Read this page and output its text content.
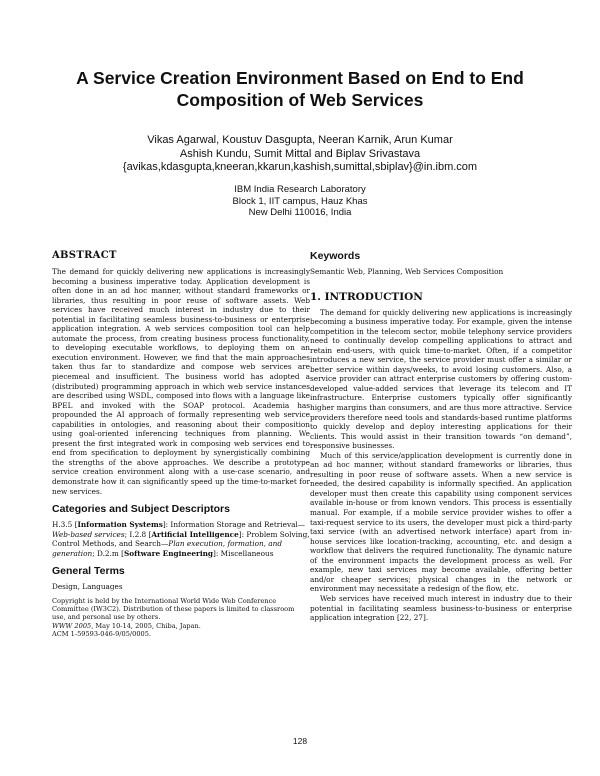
A Service Creation Environment Based on End to End Composition of Web Services
Vikas Agarwal, Koustuv Dasgupta, Neeran Karnik, Arun Kumar
Ashish Kundu, Sumit Mittal and Biplav Srivastava
{avikas,kdasgupta,kneeran,kkarun,kashish,sumittal,sbiplav}@in.ibm.com
IBM India Research Laboratory
Block 1, IIT campus, Hauz Khas
New Delhi 110016, India
ABSTRACT

The demand for quickly delivering new applications is increasingly becoming a business imperative today. Application development is often done in an ad hoc manner, without standard frameworks or libraries, thus resulting in poor reuse of software assets. Web services have received much interest in industry due to their potential in facilitating seamless business-to-business or enterprise application integration. A web services composition tool can help automate the process, from creating business process functionality, to developing executable workflows, to deploying them on an execution environment. However, we find that the main approaches taken thus far to standardize and compose web services are piecemeal and insufficient. The business world has adopted a (distributed) programming approach in which web service instances are described using WSDL, composed into flows with a language like BPEL and invoked with the SOAP protocol. Academia has propounded the AI approach of formally representing web service capabilities in ontologies, and reasoning about their composition using goal-oriented inferencing techniques from planning. We present the first integrated work in composing web services end to end from specification to deployment by synergistically combining the strengths of the above approaches. We describe a prototype service creation environment along with a use-case scenario, and demonstrate how it can significantly speed up the time-to-market for new services.

Categories and Subject Descriptors

H.3.5 [Information Systems]: Information Storage and Retrieval—Web-based services; I.2.8 [Artificial Intelligence]: Problem Solving, Control Methods, and Search—Plan execution, formation, and generation; D.2.m [Software Engineering]: Miscellaneous

General Terms

Design, Languages

Copyright is held by the International World Wide Web Conference Committee (IW3C2). Distribution of these papers is limited to classroom use, and personal use by others.
WWW 2005, May 10-14, 2005, Chiba, Japan.
ACM 1-59593-046-9/05/0005.
Keywords

Semantic Web, Planning, Web Services Composition

1. INTRODUCTION

The demand for quickly delivering new applications is increasingly becoming a business imperative today. For example, given the intense competition in the telecom sector, mobile telephony service providers need to continually develop compelling applications to attract and retain end-users, with quick time-to-market. Often, if a competitor introduces a new service, the service provider must offer a similar or better service within days/weeks, to avoid losing customers. Also, a service provider can attract enterprise customers by offering custom-developed value-added services that leverage its telecom and IT infrastructure. Enterprise customers typically offer significantly higher margins than consumers, and are thus more attractive. Service providers therefore need tools and standards-based runtime platforms to quickly develop and deploy interesting applications for their clients. This would assist in their transition towards “on demand”, responsive businesses.

Much of this service/application development is currently done in an ad hoc manner, without standard frameworks or libraries, thus resulting in poor reuse of software assets. When a new service is needed, the desired capability is informally specified. An application developer must then create this capability using component services available in-house or from known vendors. This process is essentially manual. For example, if a mobile service provider wishes to offer a taxi-request service to its users, the developer must pick a third-party taxi service (with an advertised network interface) apart from in-house services like location-tracking, accounting, etc. and design a workflow that delivers the required functionality. The dynamic nature of the environment impacts the development process as well. For example, new taxi services may become available, offering better and/or cheaper services; physical changes in the network or environment may necessitate a redesign of the flow, etc.

Web services have received much interest in industry due to their potential in facilitating seamless business-to-business or enterprise application integration [22, 27].

128
